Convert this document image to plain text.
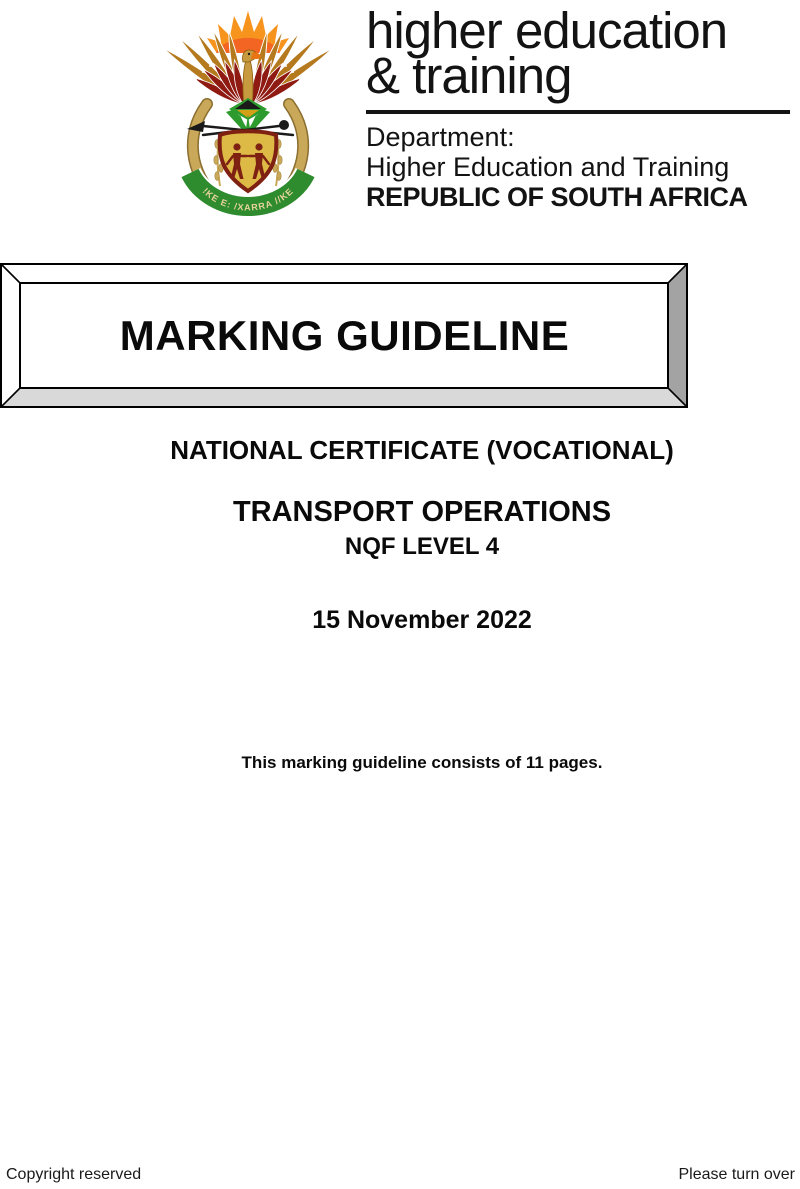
!KE E: /XARRA //KE
higher education
& training
Department:
Higher Education and Training
REPUBLIC OF SOUTH AFRICA
MARKING GUIDELINE
NATIONAL CERTIFICATE (VOCATIONAL)
TRANSPORT OPERATIONS
NQF LEVEL 4
15 November 2022
This marking guideline consists of 11 pages.
Copyright reserved	Please turn over
